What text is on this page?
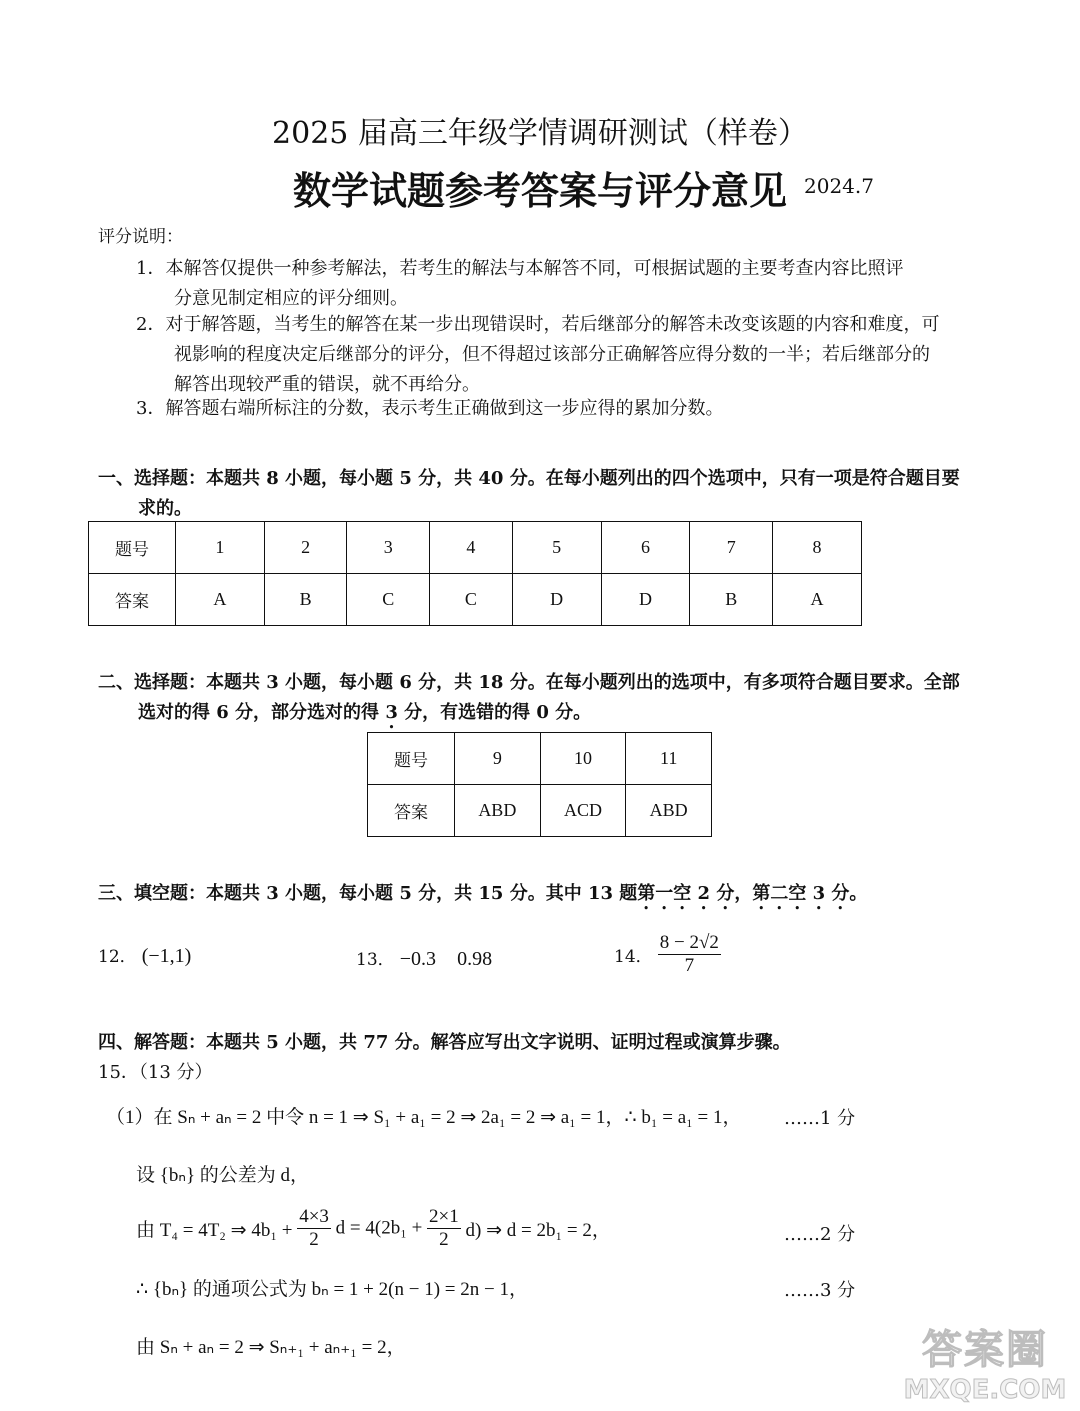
2025 届高三年级学情调研测试（样卷）
数学试题参考答案与评分意见 2024.7
评分说明：
1．本解答仅提供一种参考解法，若考生的解法与本解答不同，可根据试题的主要考查内容比照评
分意见制定相应的评分细则。
2．对于解答题，当考生的解答在某一步出现错误时，若后继部分的解答未改变该题的内容和难度，可
视影响的程度决定后继部分的评分，但不得超过该部分正确解答应得分数的一半；若后继部分的
解答出现较严重的错误，就不再给分。
3．解答题右端所标注的分数，表示考生正确做到这一步应得的累加分数。
一、选择题：本题共 8 小题，每小题 5 分，共 40 分。在每小题列出的四个选项中，只有一项是符合题目要
求的。
题号	1	2	3	4	5	6	7	8
答案	A	B	C	C	D	D	B	A
二、选择题：本题共 3 小题，每小题 6 分，共 18 分。在每小题列出的选项中，有多项符合题目要求。全部
选对的得 6 分，部分选对的得 3 分，有选错的得 0 分。
题号	9	10	11
答案	ABD	ACD	ABD
三、填空题：本题共 3 小题，每小题 5 分，共 15 分。其中 13 题第一空 2 分，第二空 3 分。
12． (−1,1)	13． −0.3 0.98	14． $\frac{8 - 2√2}{7}$
四、解答题：本题共 5 小题，共 77 分。解答应写出文字说明、证明过程或演算步骤。
15．（13 分）
（1）在 Sₙ + aₙ = 2 中令 n = 1 ⇒ S₁ + a₁ = 2 ⇒ 2a₁ = 2 ⇒ a₁ = 1，∴ b₁ = a₁ = 1， ……1 分
设 {bₙ} 的公差为 d，
由 T₄ = 4T₂ ⇒ $4b_1 + \frac{4\times 3}{2}$ $d = 4(2b_1 + \frac{2\times 1}{2} d)$ ⇒ d = 2b₁ = 2，	……2 分
∴ {bₙ} 的通项公式为 bₙ = 1 + 2(n − 1) = 2n − 1，	……3 分
由 Sₙ + aₙ = 2 ⇒ Sₙ₊₁ + aₙ₊₁ = 2，	答案圈
MXQE.COM
